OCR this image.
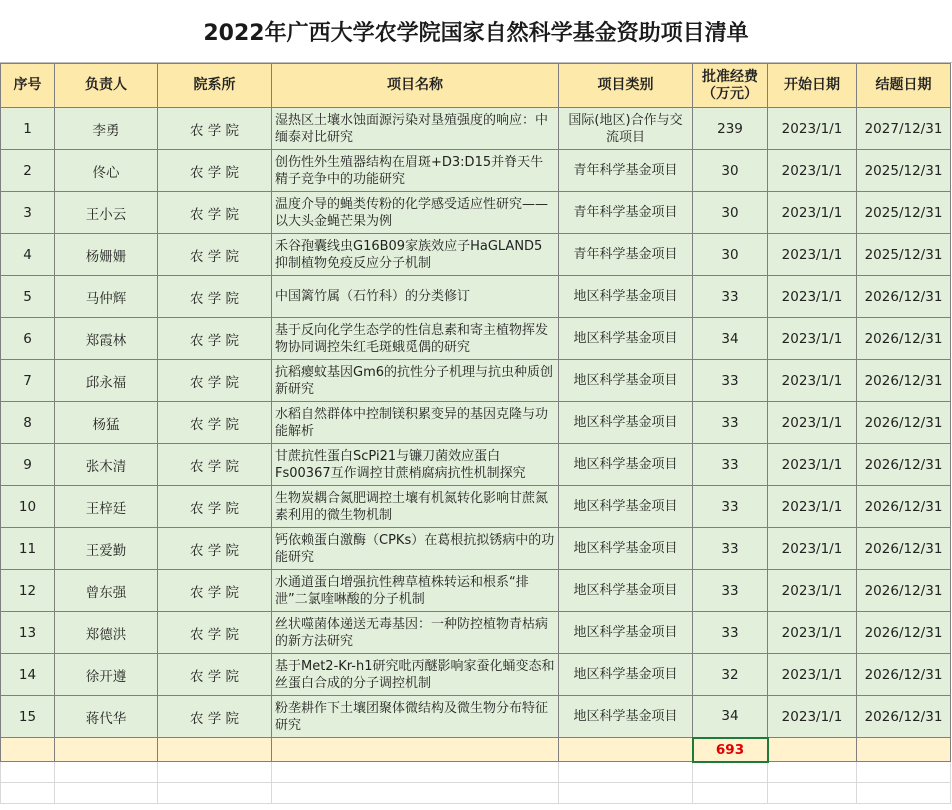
2022年广西大学农学院国家自然科学基金资助项目清单
序号	负责人	院系所	项目名称	项目类别	批准经费（万元）	开始日期	结题日期
1	李勇	农 学 院	湿热区土壤水蚀面源污染对垦殖强度的响应：中缅泰对比研究	国际(地区)合作与交流项目	239	2023/1/1	2027/12/31
2	佟心	农 学 院	创伤性外生殖器结构在眉斑+D3:D15并脊天牛精子竞争中的功能研究	青年科学基金项目	30	2023/1/1	2025/12/31
3	王小云	农 学 院	温度介导的蝇类传粉的化学感受适应性研究——以大头金蝇芒果为例	青年科学基金项目	30	2023/1/1	2025/12/31
4	杨姗姗	农 学 院	禾谷孢囊线虫G16B09家族效应子HaGLAND5抑制植物免疫反应分子机制	青年科学基金项目	30	2023/1/1	2025/12/31
5	马仲辉	农 学 院	中国篱竹属（石竹科）的分类修订	地区科学基金项目	33	2023/1/1	2026/12/31
6	郑霞林	农 学 院	基于反向化学生态学的性信息素和寄主植物挥发物协同调控朱红毛斑蛾觅偶的研究	地区科学基金项目	34	2023/1/1	2026/12/31
7	邱永福	农 学 院	抗稻瘿蚊基因Gm6的抗性分子机理与抗虫种质创新研究	地区科学基金项目	33	2023/1/1	2026/12/31
8	杨猛	农 学 院	水稻自然群体中控制镁积累变异的基因克隆与功能解析	地区科学基金项目	33	2023/1/1	2026/12/31
9	张木清	农 学 院	甘蔗抗性蛋白ScPi21与镰刀菌效应蛋白Fs00367互作调控甘蔗梢腐病抗性机制探究	地区科学基金项目	33	2023/1/1	2026/12/31
10	王梓廷	农 学 院	生物炭耦合氮肥调控土壤有机氮转化影响甘蔗氮素利用的微生物机制	地区科学基金项目	33	2023/1/1	2026/12/31
11	王爱勤	农 学 院	钙依赖蛋白激酶（CPKs）在葛根抗拟锈病中的功能研究	地区科学基金项目	33	2023/1/1	2026/12/31
12	曾东强	农 学 院	水通道蛋白增强抗性稗草植株转运和根系“排泄”二氯喹啉酸的分子机制	地区科学基金项目	33	2023/1/1	2026/12/31
13	郑德洪	农 学 院	丝状噬菌体递送无毒基因：一种防控植物青枯病的新方法研究	地区科学基金项目	33	2023/1/1	2026/12/31
14	徐开遵	农 学 院	基于Met2-Kr-h1研究吡丙醚影响家蚕化蛹变态和丝蛋白合成的分子调控机制	地区科学基金项目	32	2023/1/1	2026/12/31
15	蒋代华	农 学 院	粉垄耕作下土壤团聚体微结构及微生物分布特征研究	地区科学基金项目	34	2023/1/1	2026/12/31
					693		
